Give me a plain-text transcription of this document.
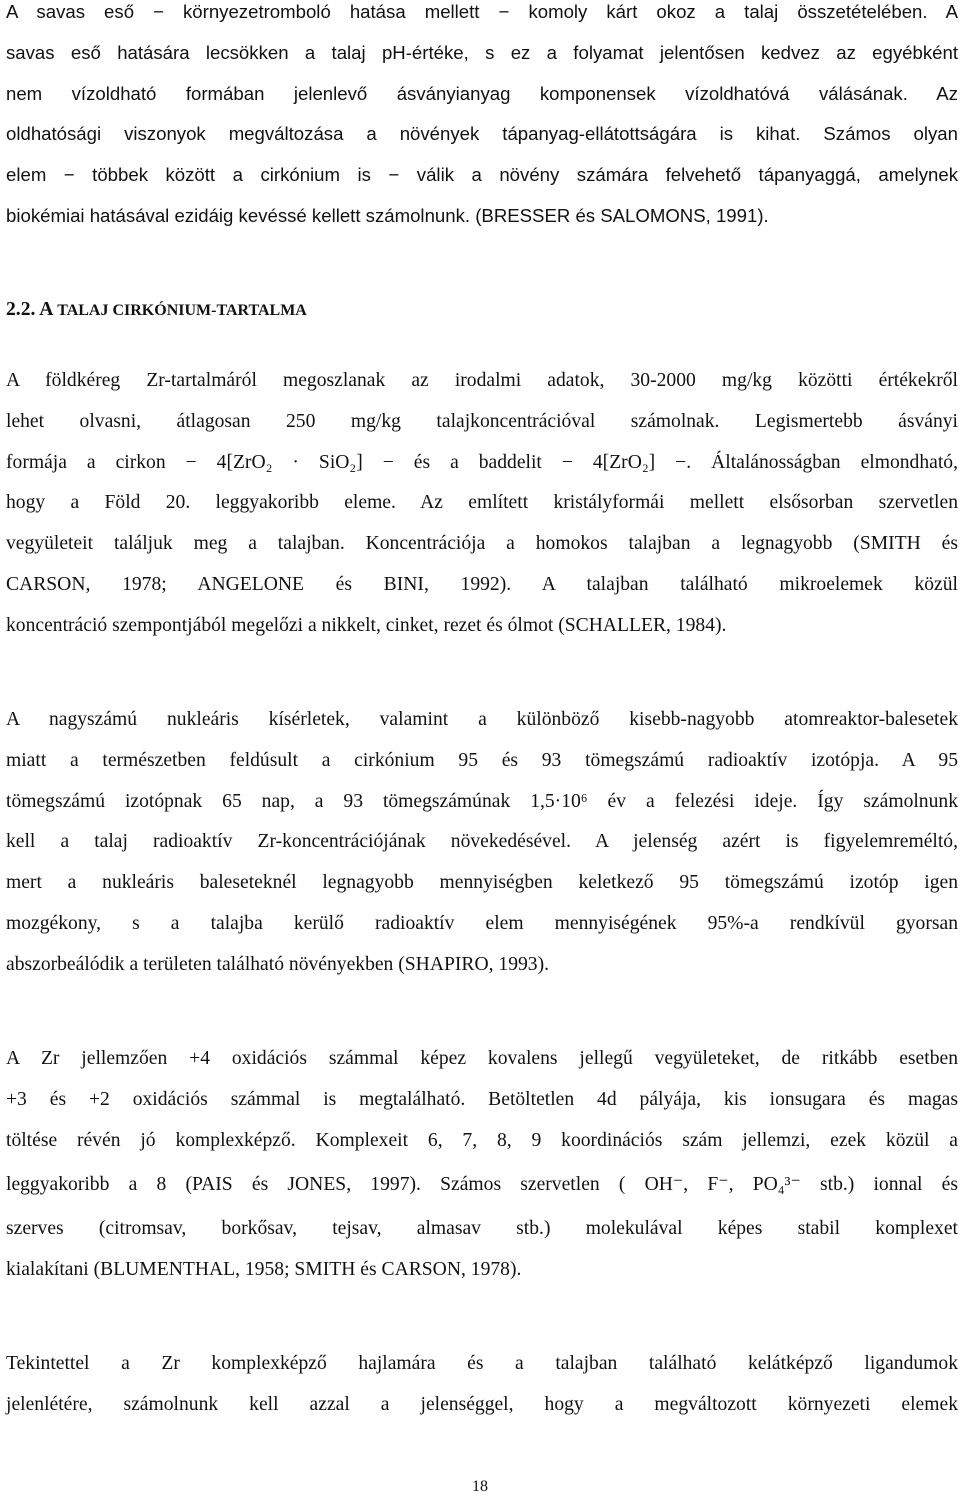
A savas eső − környezetromboló hatása mellett − komoly kárt okoz a talaj összetételében. A
savas eső hatására lecsökken a talaj pH-értéke, s ez a folyamat jelentősen kedvez az egyébként
nem vízoldható formában jelenlevő ásványianyag komponensek vízoldhatóvá válásának. Az
oldhatósági viszonyok megváltozása a növények tápanyag-ellátottságára is kihat. Számos olyan
elem − többek között a cirkónium is − válik a növény számára felvehető tápanyaggá, amelynek
biokémiai hatásával ezidáig kevéssé kellett számolnunk. (BRESSER és SALOMONS, 1991).
2.2. A TALAJ CIRKÓNIUM-TARTALMA
A földkéreg Zr-tartalmáról megoszlanak az irodalmi adatok, 30-2000 mg/kg közötti értékekről
lehet olvasni, átlagosan 250 mg/kg talajkoncentrációval számolnak. Legismertebb ásványi
formája a cirkon − 4[ZrO₂ · SiO₂] − és a baddelit − 4[ZrO₂] −. Általánosságban elmondható,
hogy a Föld 20. leggyakoribb eleme. Az említett kristályformái mellett elsősorban szervetlen
vegyületeit találjuk meg a talajban. Koncentrációja a homokos talajban a legnagyobb (SMITH és
CARSON, 1978; ANGELONE és BINI, 1992). A talajban található mikroelemek közül
koncentráció szempontjából megelőzi a nikkelt, cinket, rezet és ólmot (SCHALLER, 1984).
A nagyszámú nukleáris kísérletek, valamint a különböző kisebb-nagyobb atomreaktor-balesetek
miatt a természetben feldúsult a cirkónium 95 és 93 tömegszámú radioaktív izotópja. A 95
tömegszámú izotópnak 65 nap, a 93 tömegszámúnak 1,5·10⁶ év a felezési ideje. Így számolnunk
kell a talaj radioaktív Zr-koncentrációjának növekedésével. A jelenség azért is figyelemreméltó,
mert a nukleáris baleseteknél legnagyobb mennyiségben keletkező 95 tömegszámú izotóp igen
mozgékony, s a talajba kerülő radioaktív elem mennyiségének 95%-a rendkívül gyorsan
abszorbeálódik a területen található növényekben (SHAPIRO, 1993).
A Zr jellemzően +4 oxidációs számmal képez kovalens jellegű vegyületeket, de ritkább esetben
+3 és +2 oxidációs számmal is megtalálható. Betöltetlen 4d pályája, kis ionsugara és magas
töltése révén jó komplexképző. Komplexeit 6, 7, 8, 9 koordinációs szám jellemzi, ezek közül a
leggyakoribb a 8 (PAIS és JONES, 1997). Számos szervetlen ( OH⁻, F⁻, PO₄³⁻ stb.) ionnal és
szerves (citromsav, borkősav, tejsav, almasav stb.) molekulával képes stabil komplexet
kialakítani (BLUMENTHAL, 1958; SMITH és CARSON, 1978).
Tekintettel a Zr komplexképző hajlamára és a talajban található kelátképző ligandumok
jelenlétére, számolnunk kell azzal a jelenséggel, hogy a megváltozott környezeti elemek
18
